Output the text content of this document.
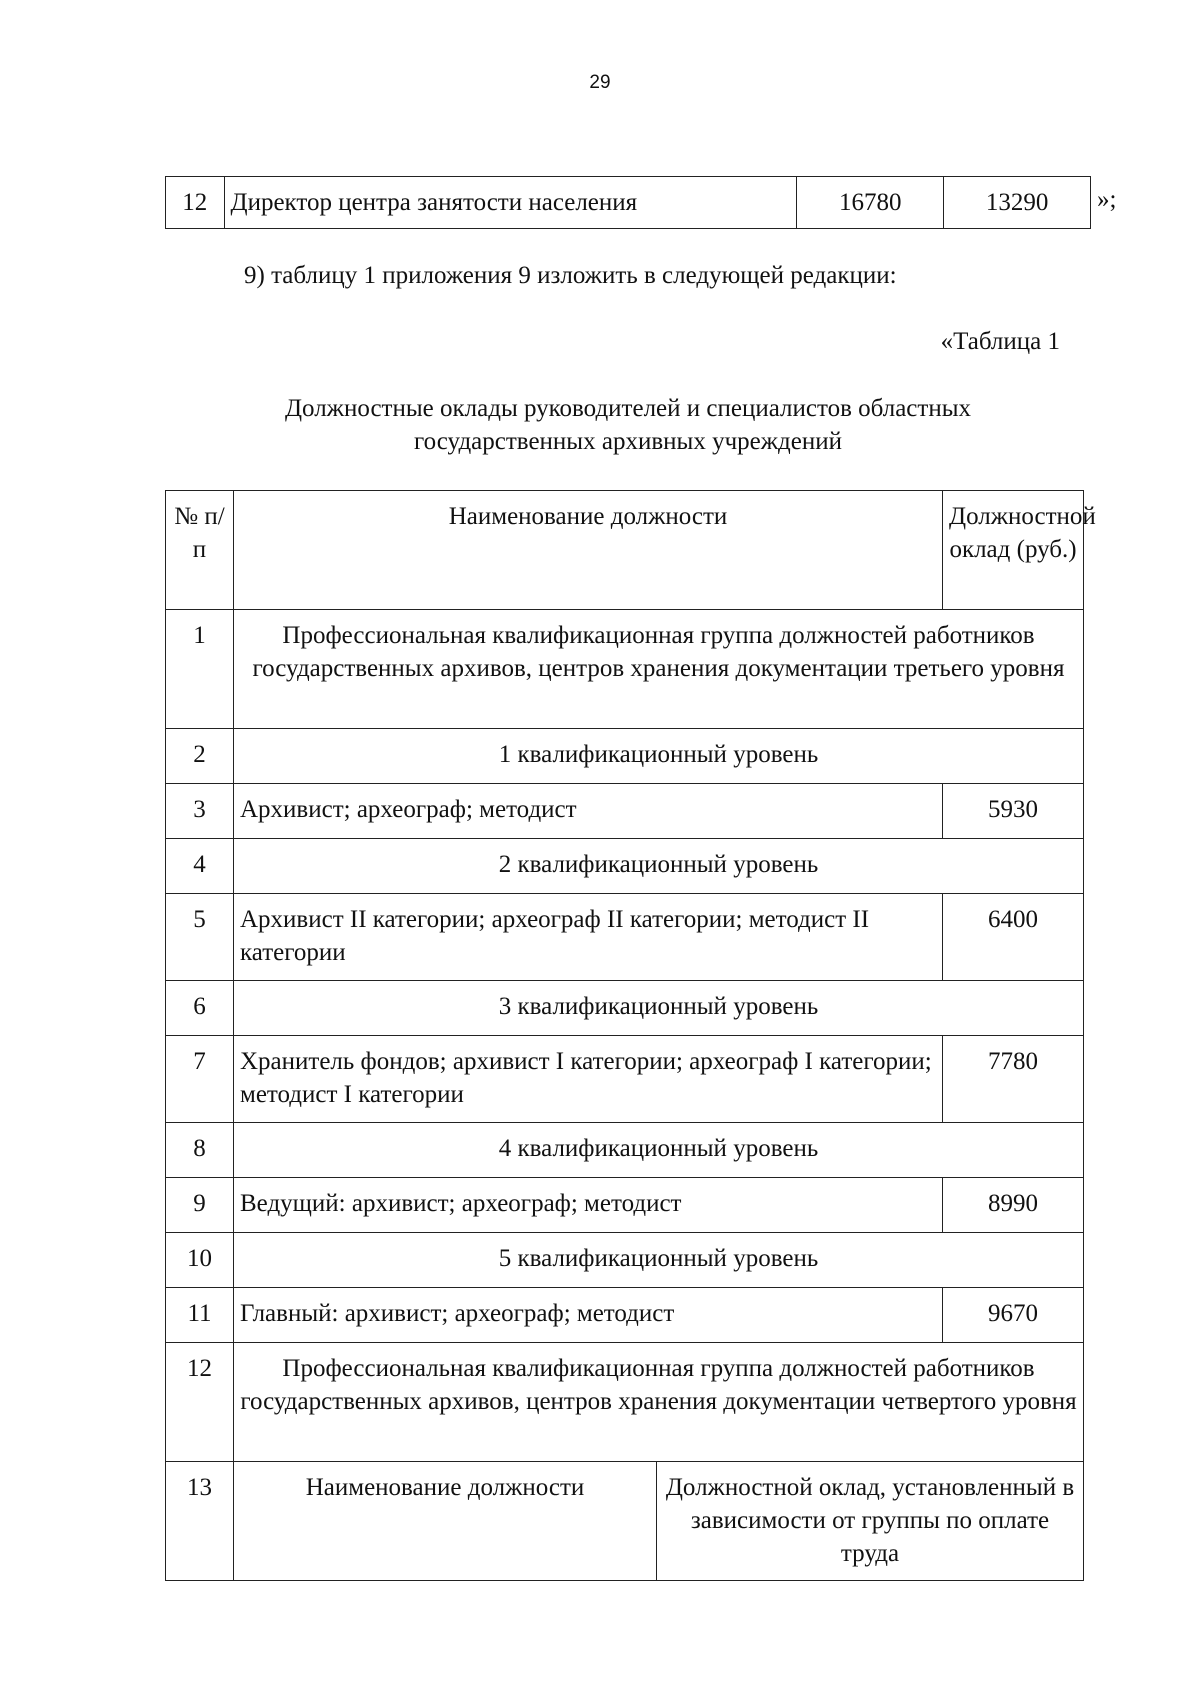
29
12	Директор центра занятости населения	16780	13290 »;
9) таблицу 1 приложения 9 изложить в следующей редакции:
«Таблица 1
Должностные оклады руководителей и специалистов областных
государственных архивных учреждений
№ п/п	Наименование должности		Должностной оклад (руб.)
1	Профессиональная квалификационная группа должностей работников государственных архивов, центров хранения документации третьего уровня		
2	1 квалификационный уровень		
3	Архивист; археограф; методист		5930
4	2 квалификационный уровень		
5	Архивист II категории; археограф II категории; методист II категории		6400
6	3 квалификационный уровень		
7	Хранитель фондов; архивист I категории; археограф I категории; методист I категории		7780
8	4 квалификационный уровень		
9	Ведущий: архивист; археограф; методист		8990
10	5 квалификационный уровень		
11	Главный: архивист; археограф; методист		9670
12	Профессиональная квалификационная группа должностей работников государственных архивов, центров хранения документации четвертого уровня		
13	Наименование должности	Должностной оклад, установленный в зависимости от группы по оплате труда	
